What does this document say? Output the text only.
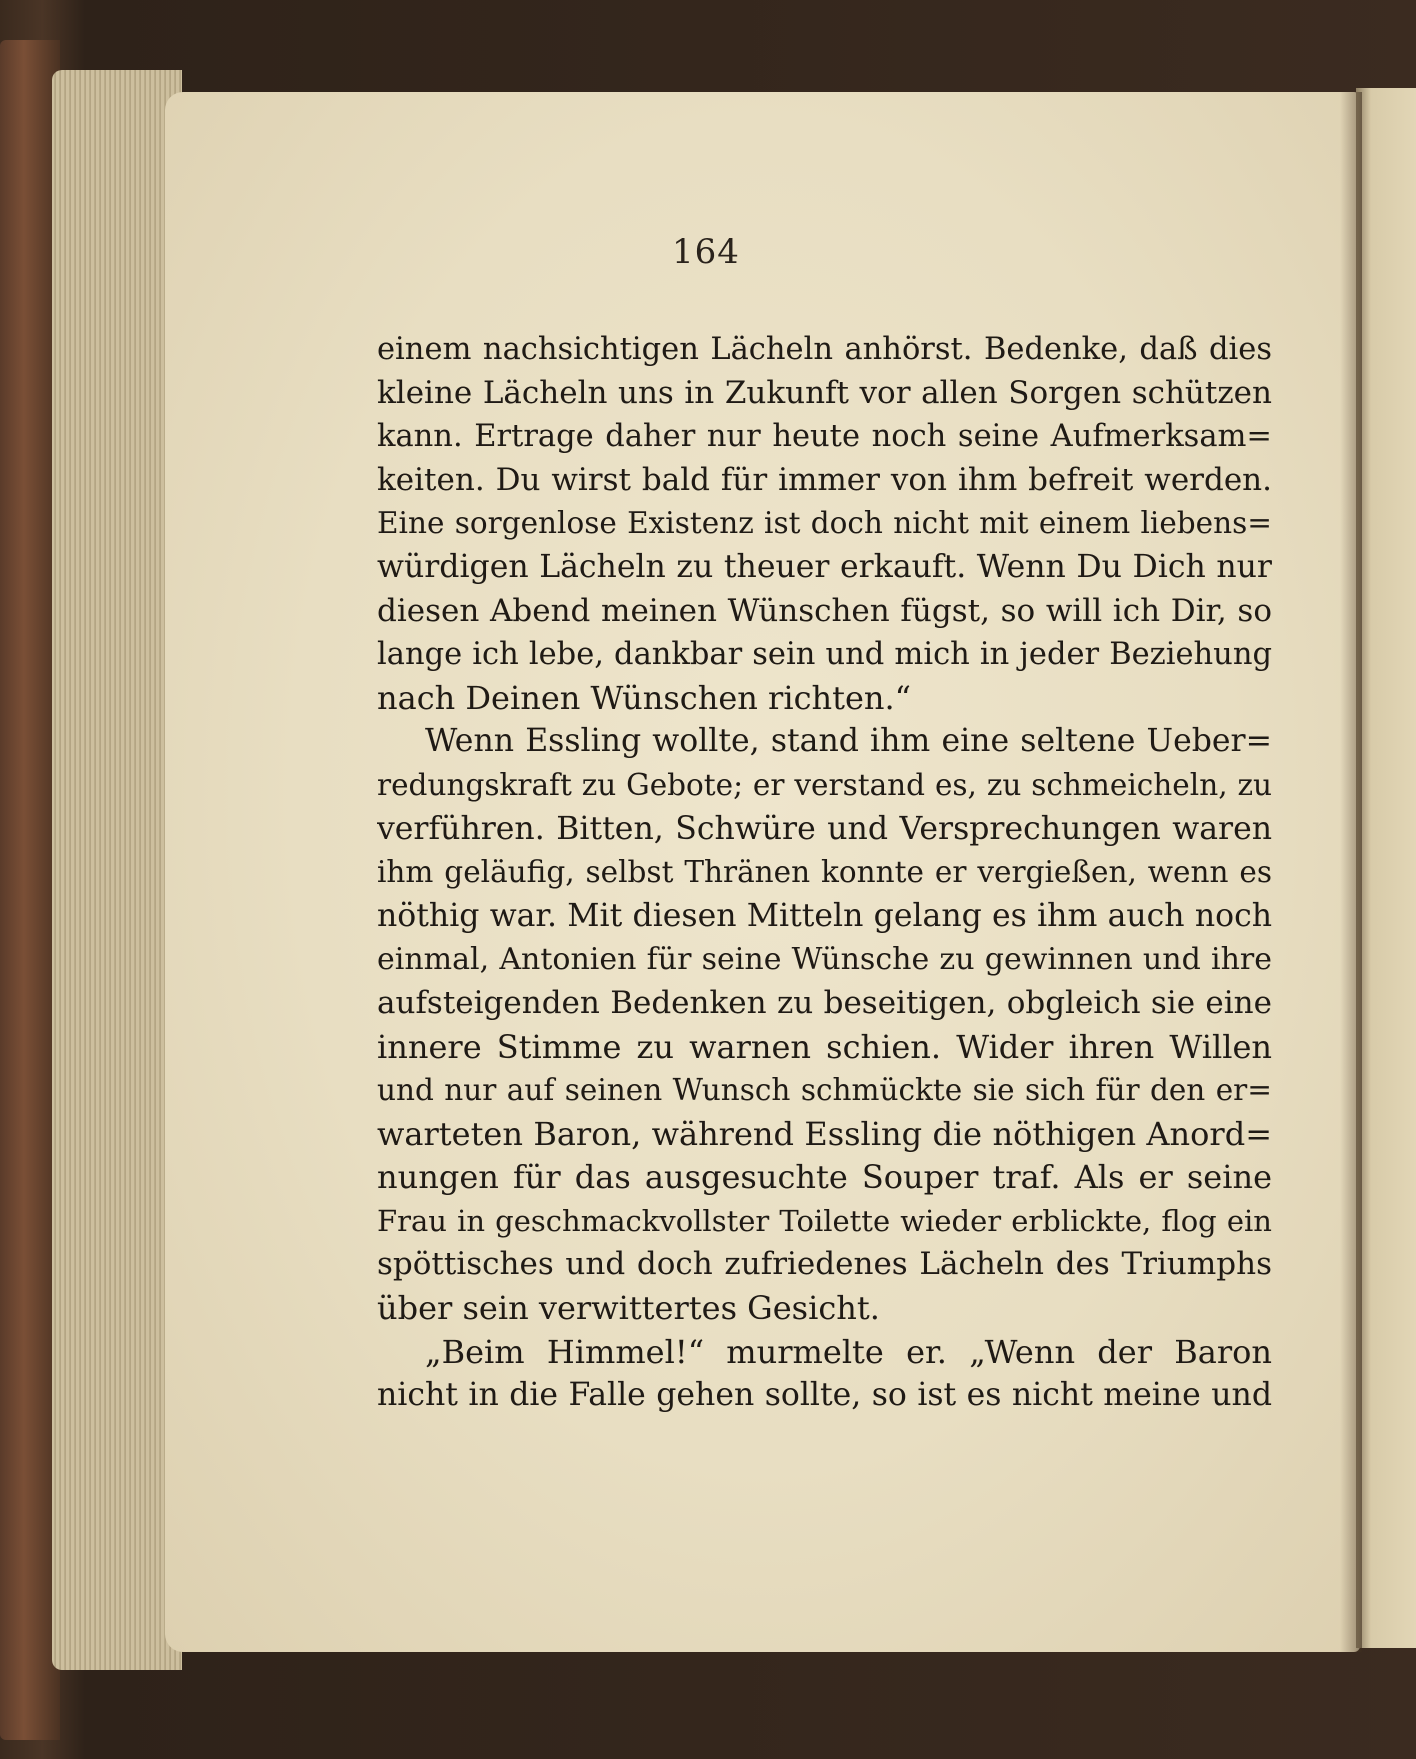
164
einem nachsichtigen Lächeln anhörst. Bedenke, daß dies
kleine Lächeln uns in Zukunft vor allen Sorgen schützen
kann. Ertrage daher nur heute noch seine Aufmerksam=
keiten. Du wirst bald für immer von ihm befreit werden.
Eine sorgenlose Existenz ist doch nicht mit einem liebens=
würdigen Lächeln zu theuer erkauft. Wenn Du Dich nur
diesen Abend meinen Wünschen fügst, so will ich Dir, so
lange ich lebe, dankbar sein und mich in jeder Beziehung
nach Deinen Wünschen richten.“
Wenn Essling wollte, stand ihm eine seltene Ueber=
redungskraft zu Gebote; er verstand es, zu schmeicheln, zu
verführen. Bitten, Schwüre und Versprechungen waren
ihm geläufig, selbst Thränen konnte er vergießen, wenn es
nöthig war. Mit diesen Mitteln gelang es ihm auch noch
einmal, Antonien für seine Wünsche zu gewinnen und ihre
aufsteigenden Bedenken zu beseitigen, obgleich sie eine
innere Stimme zu warnen schien. Wider ihren Willen
und nur auf seinen Wunsch schmückte sie sich für den er=
warteten Baron, während Essling die nöthigen Anord=
nungen für das ausgesuchte Souper traf. Als er seine
Frau in geschmackvollster Toilette wieder erblickte, flog ein
spöttisches und doch zufriedenes Lächeln des Triumphs
über sein verwittertes Gesicht.
„Beim Himmel!“ murmelte er. „Wenn der Baron
nicht in die Falle gehen sollte, so ist es nicht meine und
